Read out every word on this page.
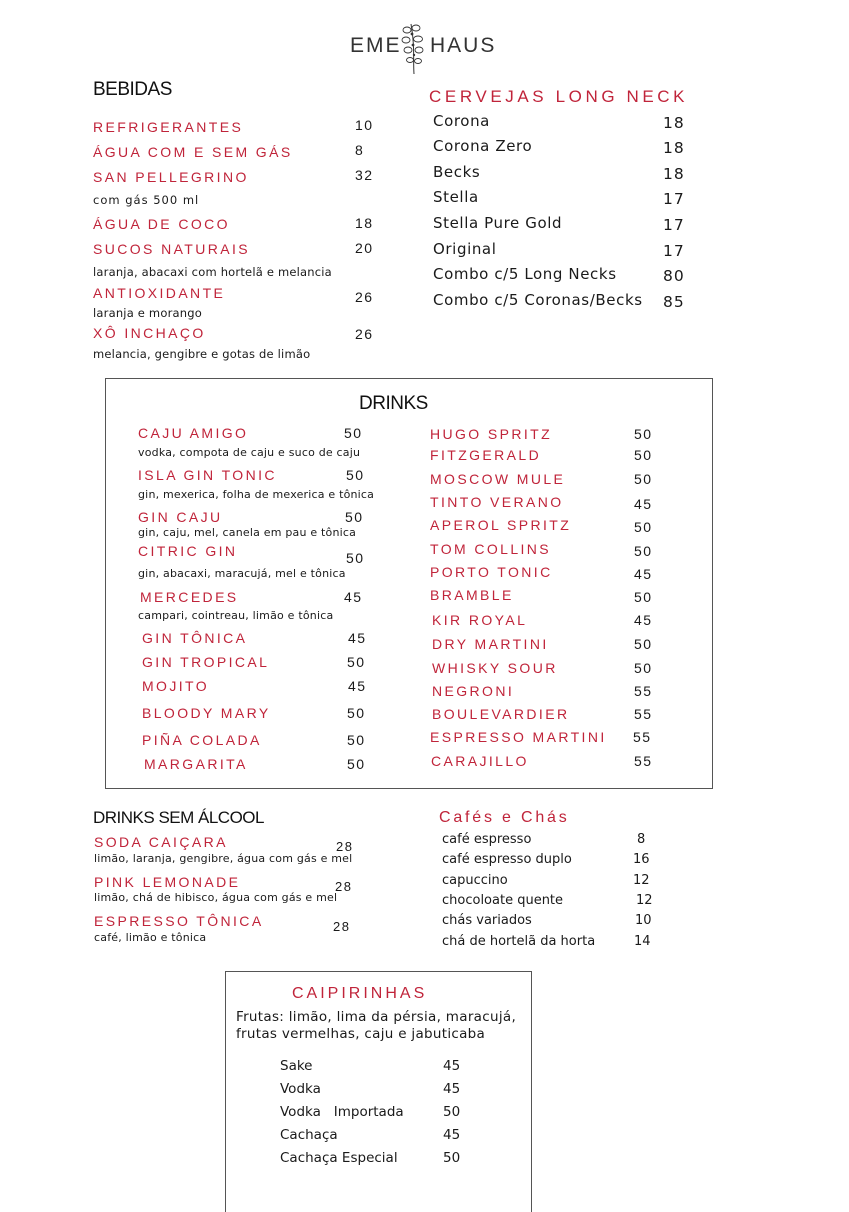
EME HAUS
BEBIDAS
REFRIGERANTES	10
ÁGUA COM E SEM GÁS	8
SAN PELLEGRINO	32
com gás 500 ml
ÁGUA DE COCO	18
SUCOS NATURAIS	20
laranja, abacaxi com hortelã e melancia
ANTIOXIDANTE	26
laranja e morango
XÔ INCHAÇO	26
melancia, gengibre e gotas de limão
CERVEJAS LONG NECK
Corona	18
Corona Zero	18
Becks	18
Stella	17
Stella Pure Gold	17
Original	17
Combo c/5 Long Necks	80
Combo c/5 Coronas/Becks 85
DRINKS
CAJU AMIGO	50
vodka, compota de caju e suco de caju
ISLA GIN TONIC	50
gin, mexerica, folha de mexerica e tônica
GIN CAJU	50
gin, caju, mel, canela em pau e tônica
CITRIC GIN	50
gin, abacaxi, maracujá, mel e tônica
MERCEDES	45
campari, cointreau, limão e tônica
GIN TÔNICA	45
GIN TROPICAL	50
MOJITO	45
BLOODY MARY	50
PIÑA COLADA	50
MARGARITA	50
HUGO SPRITZ	50
FITZGERALD	50
MOSCOW MULE	50
TINTO VERANO	45
APEROL SPRITZ	50
TOM COLLINS	50
PORTO TONIC	45
BRAMBLE	50
KIR ROYAL	45
DRY MARTINI	50
WHISKY SOUR	50
NEGRONI	55
BOULEVARDIER	55
ESPRESSO MARTINI 55
CARAJILLO	55
DRINKS SEM ÁLCOOL
SODA CAIÇARA	28
limão, laranja, gengibre, água com gás e mel
PINK LEMONADE	28
limão, chá de hibisco, água com gás e mel
ESPRESSO TÔNICA	28
café, limão e tônica
Cafés e Chás
café espresso	8
café espresso duplo	16
capuccino	12
chocoloate quente	12
chás variados	10
chá de hortelã da horta	14
CAIPIRINHAS
Frutas: limão, lima da pérsia, maracujá,
frutas vermelhas, caju e jabuticaba
Sake	45
Vodka	45
Vodka   Importada	50
Cachaça	45
Cachaça Especial	50
